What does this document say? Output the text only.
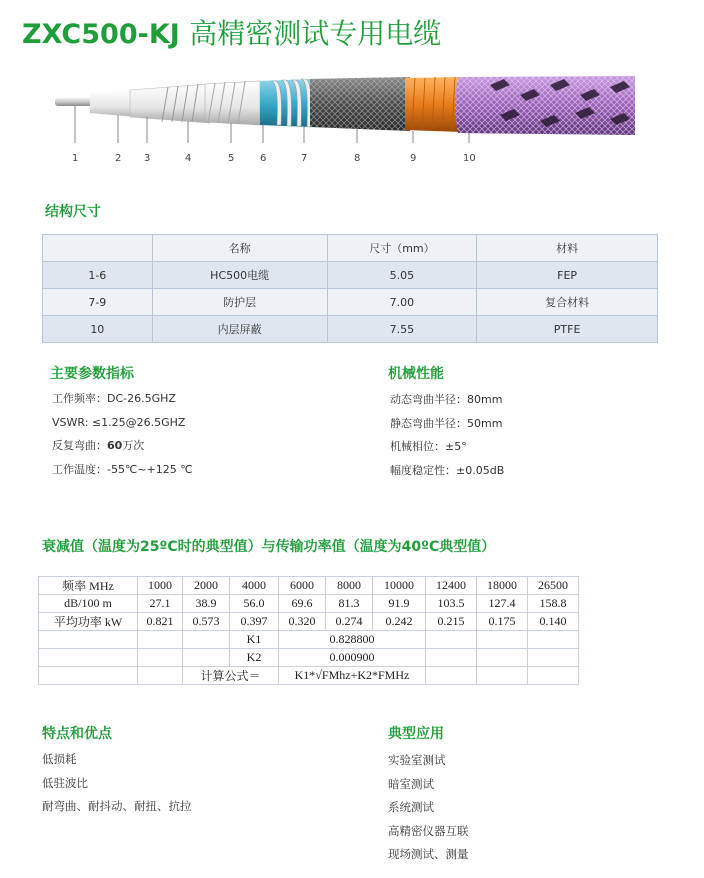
ZXC500-KJ 高精密测试专用电缆
1	2 3	4	5	6	7	8	9	10
结构尺寸
	名称	尺寸（mm）	材料
1-6	HC500电缆	5.05	FEP
7-9	防护层	7.00	复合材料
10	内层屏蔽	7.55	PTFE
主要参数指标
工作频率：DC-26.5GHZ
VSWR: ≤1.25@26.5GHZ
反复弯曲：60万次
工作温度：-55℃~+125 ℃
机械性能
动态弯曲半径：80mm
静态弯曲半径：50mm
机械相位：±5°
幅度稳定性：±0.05dB
衰减值（温度为25ºC时的典型值）与传输功率值（温度为40ºC典型值）
频率 MHz	1000	2000	4000	6000	8000	10000	12400	18000	26500
dB/100 m	27.1	38.9	56.0	69.6	81.3	91.9	103.5	127.4	158.8
平均功率 kW	0.821	0.573	0.397	0.320	0.274	0.242	0.215	0.175	0.140
			K1	0.828800					
			K2	0.000900					
		计算公式＝		K1*√FMhz+K2*FMHz					
特点和优点
低损耗
低驻波比
耐弯曲、耐抖动、耐扭、抗拉
典型应用
实验室测试
暗室测试
系统测试
高精密仪器互联
现场测试、测量
